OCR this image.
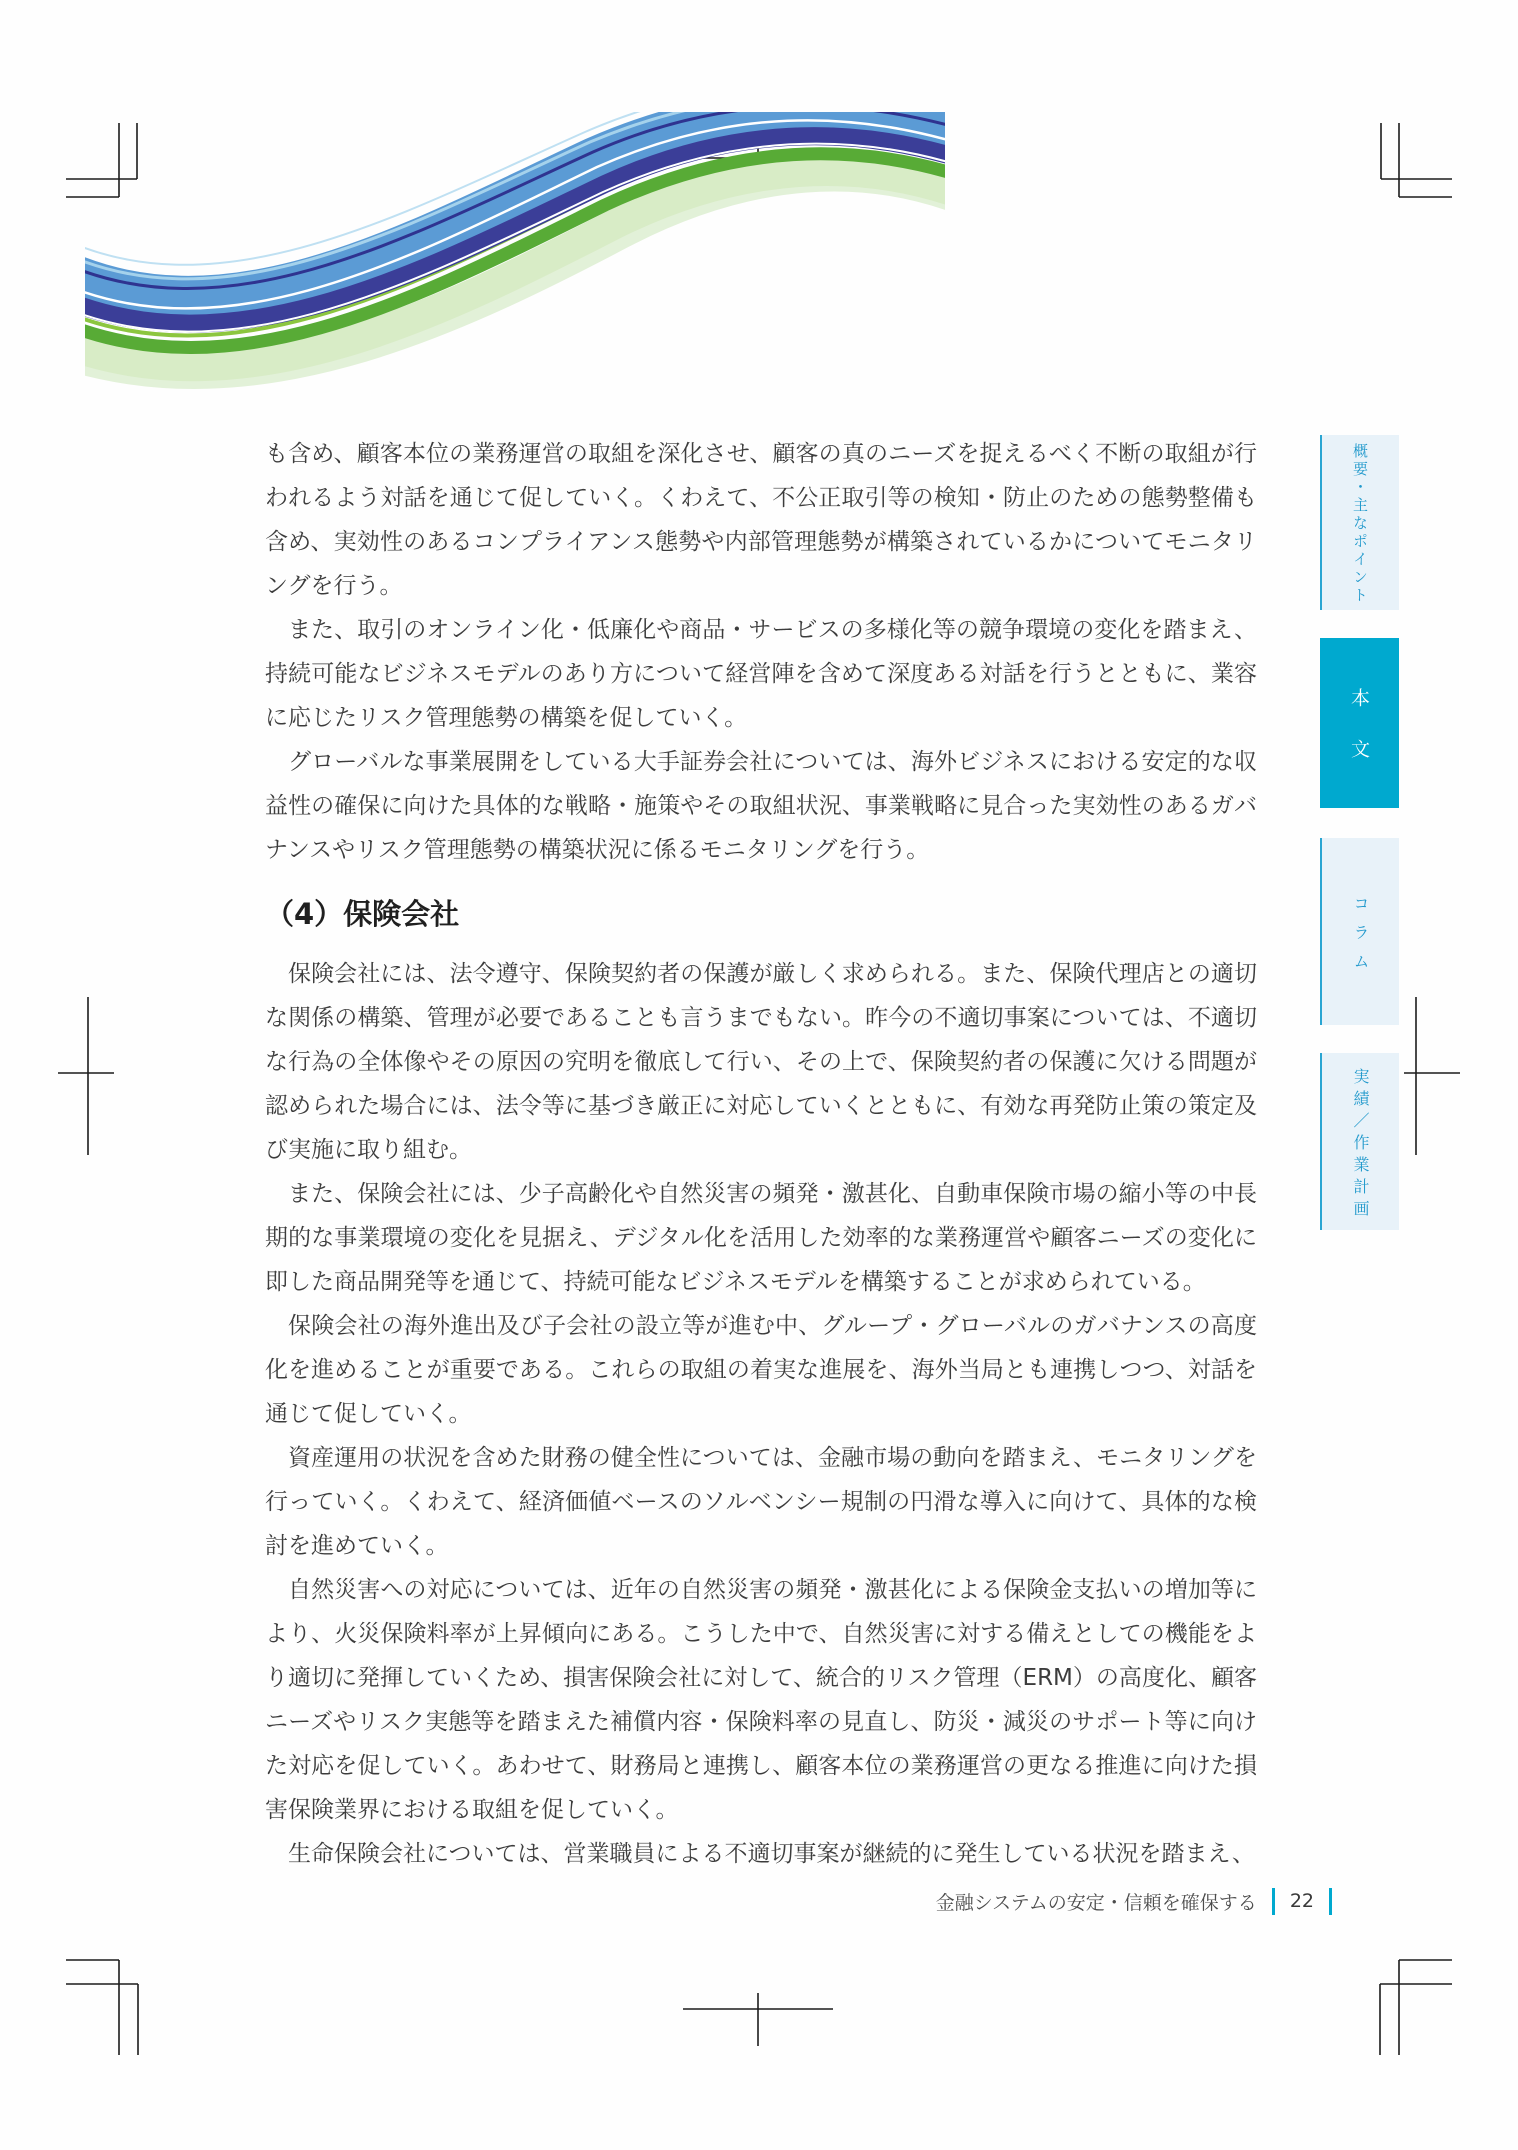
も含め、顧客本位の業務運営の取組を深化させ、顧客の真のニーズを捉えるべく不断の取組が行われるよう対話を通じて促していく。くわえて、不公正取引等の検知・防止のための態勢整備も含め、実効性のあるコンプライアンス態勢や内部管理態勢が構築されているかについてモニタリングを行う。

また、取引のオンライン化・低廉化や商品・サービスの多様化等の競争環境の変化を踏まえ、持続可能なビジネスモデルのあり方について経営陣を含めて深度ある対話を行うとともに、業容に応じたリスク管理態勢の構築を促していく。

グローバルな事業展開をしている大手証券会社については、海外ビジネスにおける安定的な収益性の確保に向けた具体的な戦略・施策やその取組状況、事業戦略に見合った実効性のあるガバナンスやリスク管理態勢の構築状況に係るモニタリングを行う。

（4）保険会社

保険会社には、法令遵守、保険契約者の保護が厳しく求められる。また、保険代理店との適切な関係の構築、管理が必要であることも言うまでもない。昨今の不適切事案については、不適切な行為の全体像やその原因の究明を徹底して行い、その上で、保険契約者の保護に欠ける問題が認められた場合には、法令等に基づき厳正に対応していくとともに、有効な再発防止策の策定及び実施に取り組む。

また、保険会社には、少子高齢化や自然災害の頻発・激甚化、自動車保険市場の縮小等の中長期的な事業環境の変化を見据え、デジタル化を活用した効率的な業務運営や顧客ニーズの変化に即した商品開発等を通じて、持続可能なビジネスモデルを構築することが求められている。

保険会社の海外進出及び子会社の設立等が進む中、グループ・グローバルのガバナンスの高度化を進めることが重要である。これらの取組の着実な進展を、海外当局とも連携しつつ、対話を通じて促していく。

資産運用の状況を含めた財務の健全性については、金融市場の動向を踏まえ、モニタリングを行っていく。くわえて、経済価値ベースのソルベンシー規制の円滑な導入に向けて、具体的な検討を進めていく。

自然災害への対応については、近年の自然災害の頻発・激甚化による保険金支払いの増加等により、火災保険料率が上昇傾向にある。こうした中で、自然災害に対する備えとしての機能をより適切に発揮していくため、損害保険会社に対して、統合的リスク管理（ERM）の高度化、顧客ニーズやリスク実態等を踏まえた補償内容・保険料率の見直し、防災・減災のサポート等に向けた対応を促していく。あわせて、財務局と連携し、顧客本位の業務運営の更なる推進に向けた損害保険業界における取組を促していく。

生命保険会社については、営業職員による不適切事案が継続的に発生している状況を踏まえ、

概要・主なポイント
本文
コラム
実績／作業計画
金融システムの安定・信頼を確保する 22
